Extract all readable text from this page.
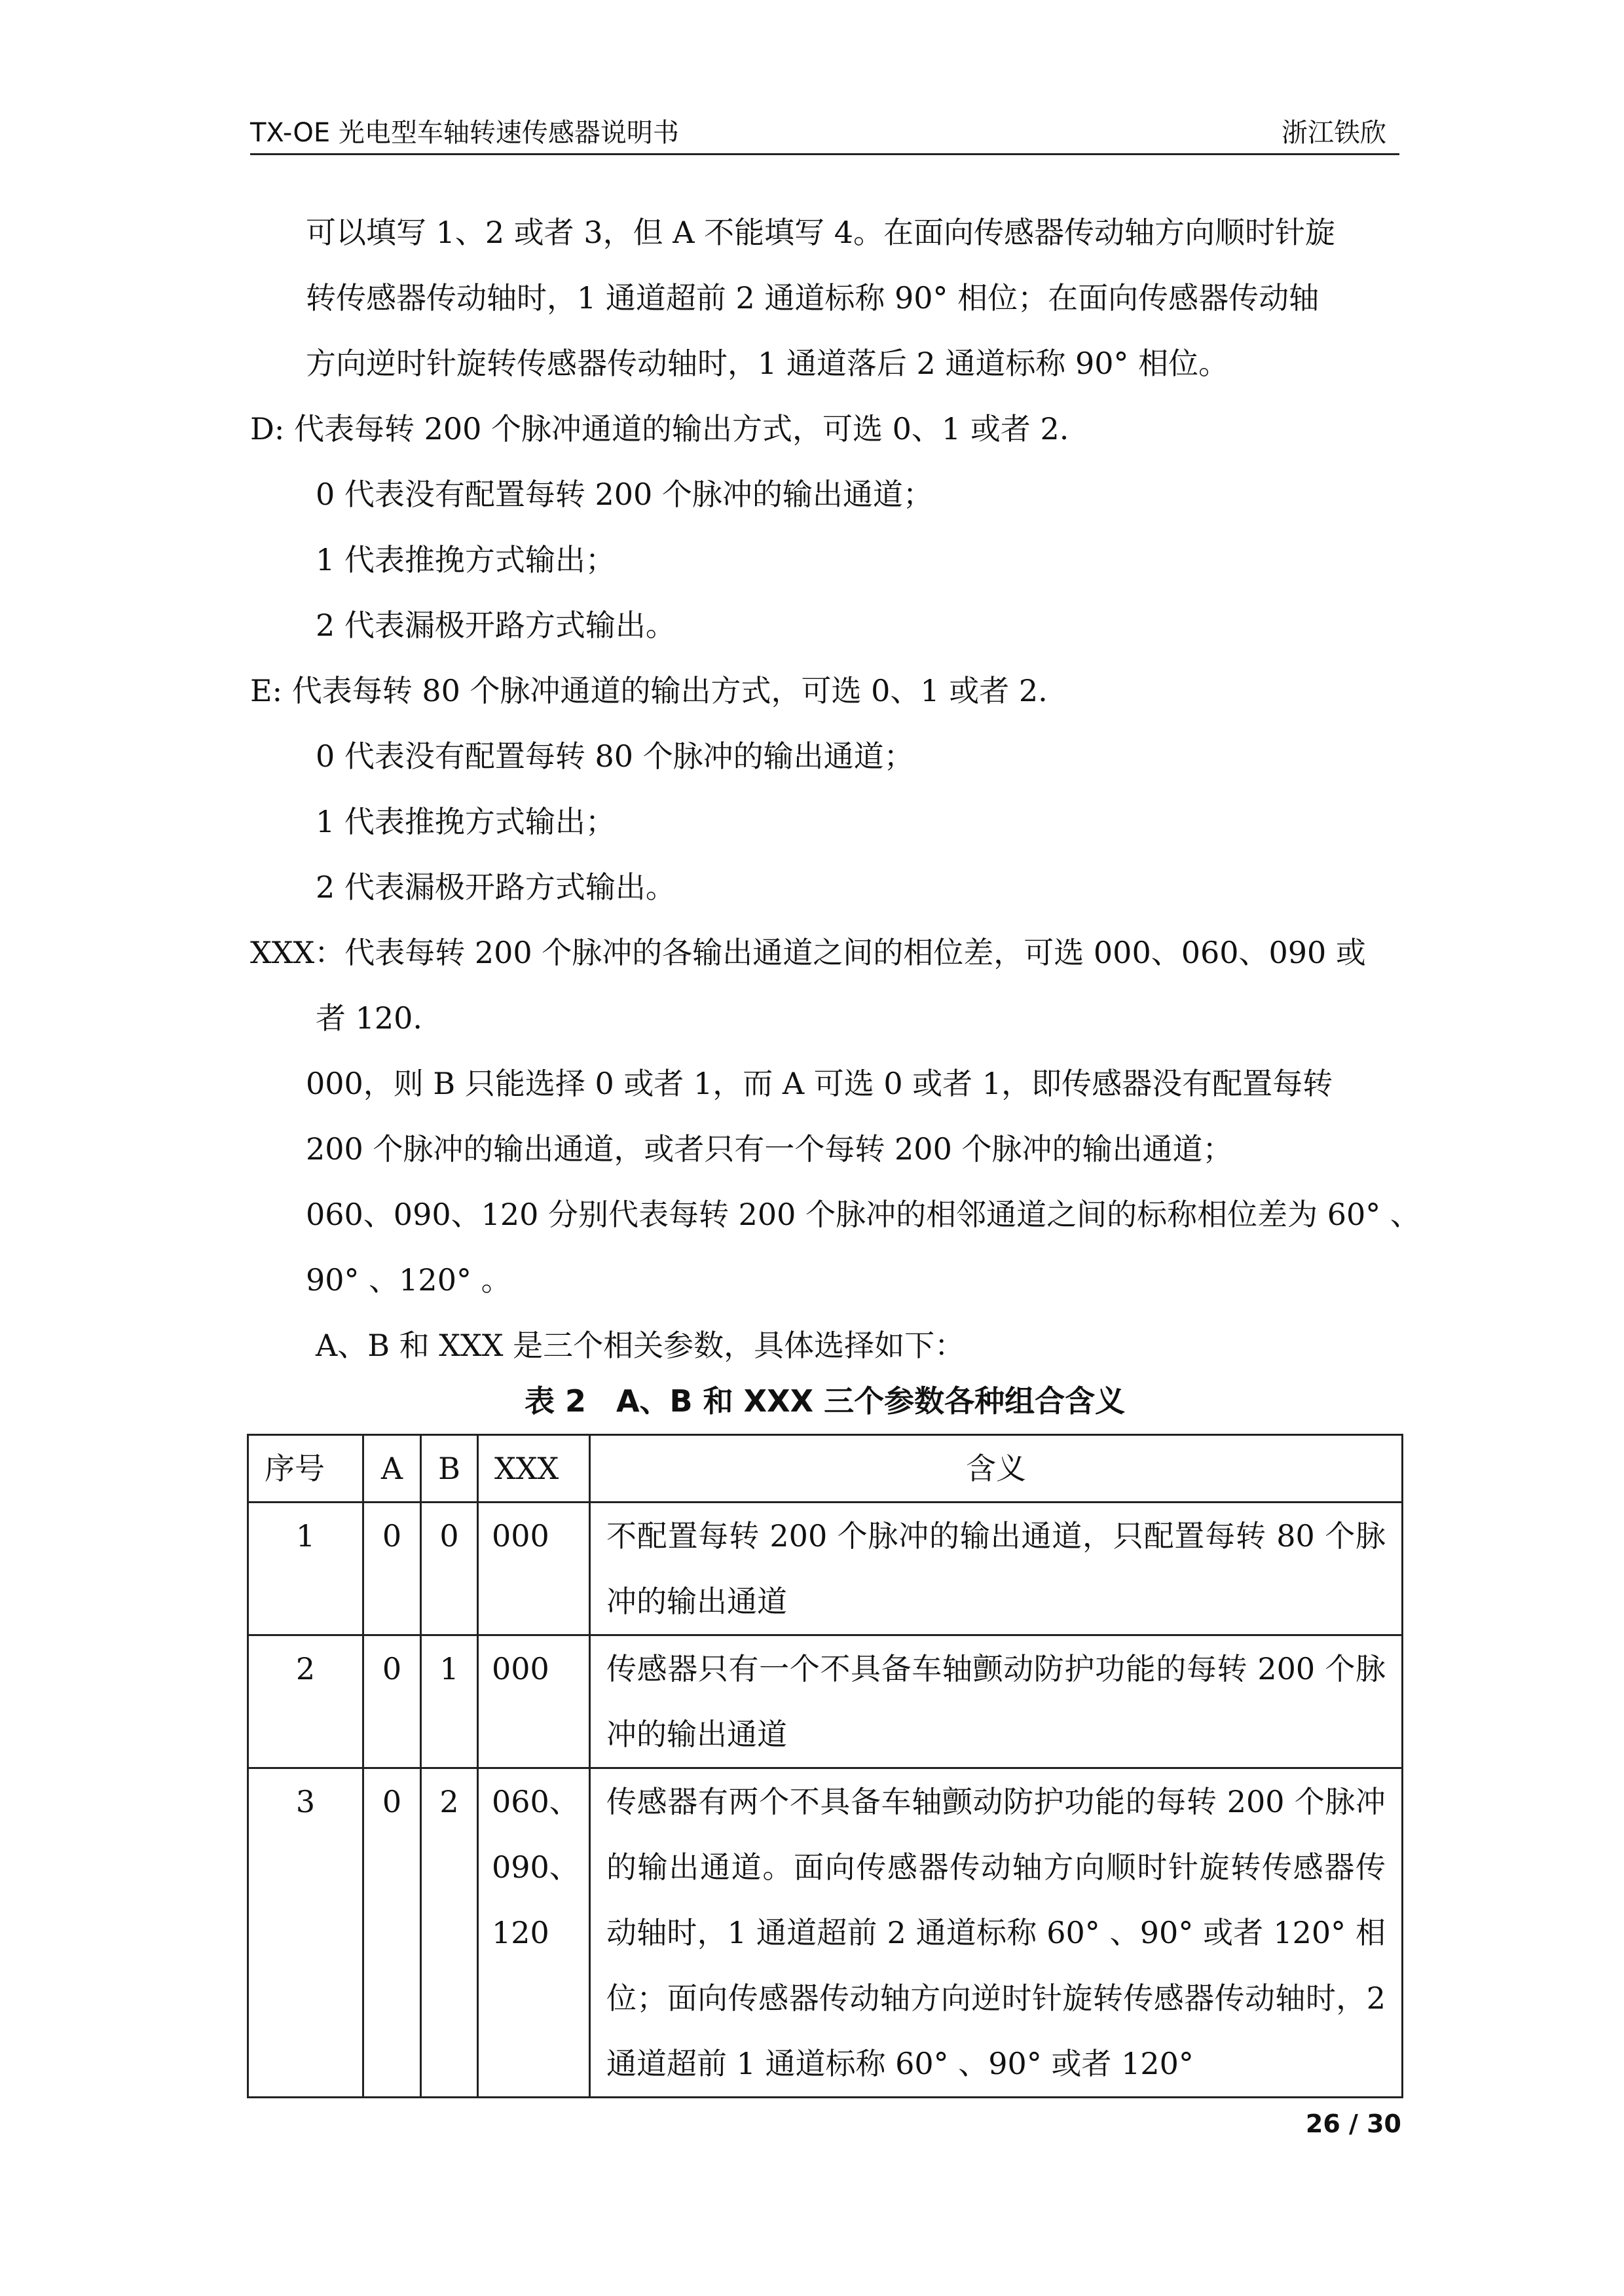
TX-OE 光电型车轴转速传感器说明书	浙江铁欣
可以填写 1、2 或者 3，但 A 不能填写 4。在面向传感器传动轴方向顺时针旋
转传感器传动轴时，1 通道超前 2 通道标称 90° 相位；在面向传感器传动轴
方向逆时针旋转传感器传动轴时，1 通道落后 2 通道标称 90° 相位。
D: 代表每转 200 个脉冲通道的输出方式，可选 0、1 或者 2.
0 代表没有配置每转 200 个脉冲的输出通道；
1 代表推挽方式输出；
2 代表漏极开路方式输出。
E: 代表每转 80 个脉冲通道的输出方式，可选 0、1 或者 2.
0 代表没有配置每转 80 个脉冲的输出通道；
1 代表推挽方式输出；
2 代表漏极开路方式输出。
XXX：代表每转 200 个脉冲的各输出通道之间的相位差，可选 000、060、090 或
者 120.
000，则 B 只能选择 0 或者 1，而 A 可选 0 或者 1，即传感器没有配置每转
200 个脉冲的输出通道，或者只有一个每转 200 个脉冲的输出通道；
060、090、120 分别代表每转 200 个脉冲的相邻通道之间的标称相位差为 60° 、
90° 、120° 。
A、B 和 XXX 是三个相关参数，具体选择如下：
表 2　A、B 和 XXX 三个参数各种组合含义
序号	A	B	XXX	含义
1	0	0	000	不配置每转 200 个脉冲的输出通道，只配置每转 80 个脉冲的输出通道
2	0	1	000	传感器只有一个不具备车轴颤动防护功能的每转 200 个脉冲的输出通道
3	0	2	060、090、120	传感器有两个不具备车轴颤动防护功能的每转 200 个脉冲的输出通道。面向传感器传动轴方向顺时针旋转传感器传动轴时，1 通道超前 2 通道标称 60° 、90° 或者 120° 相位；面向传感器传动轴方向逆时针旋转传感器传动轴时，2 通道超前 1 通道标称 60° 、90° 或者 120°
26 / 30
